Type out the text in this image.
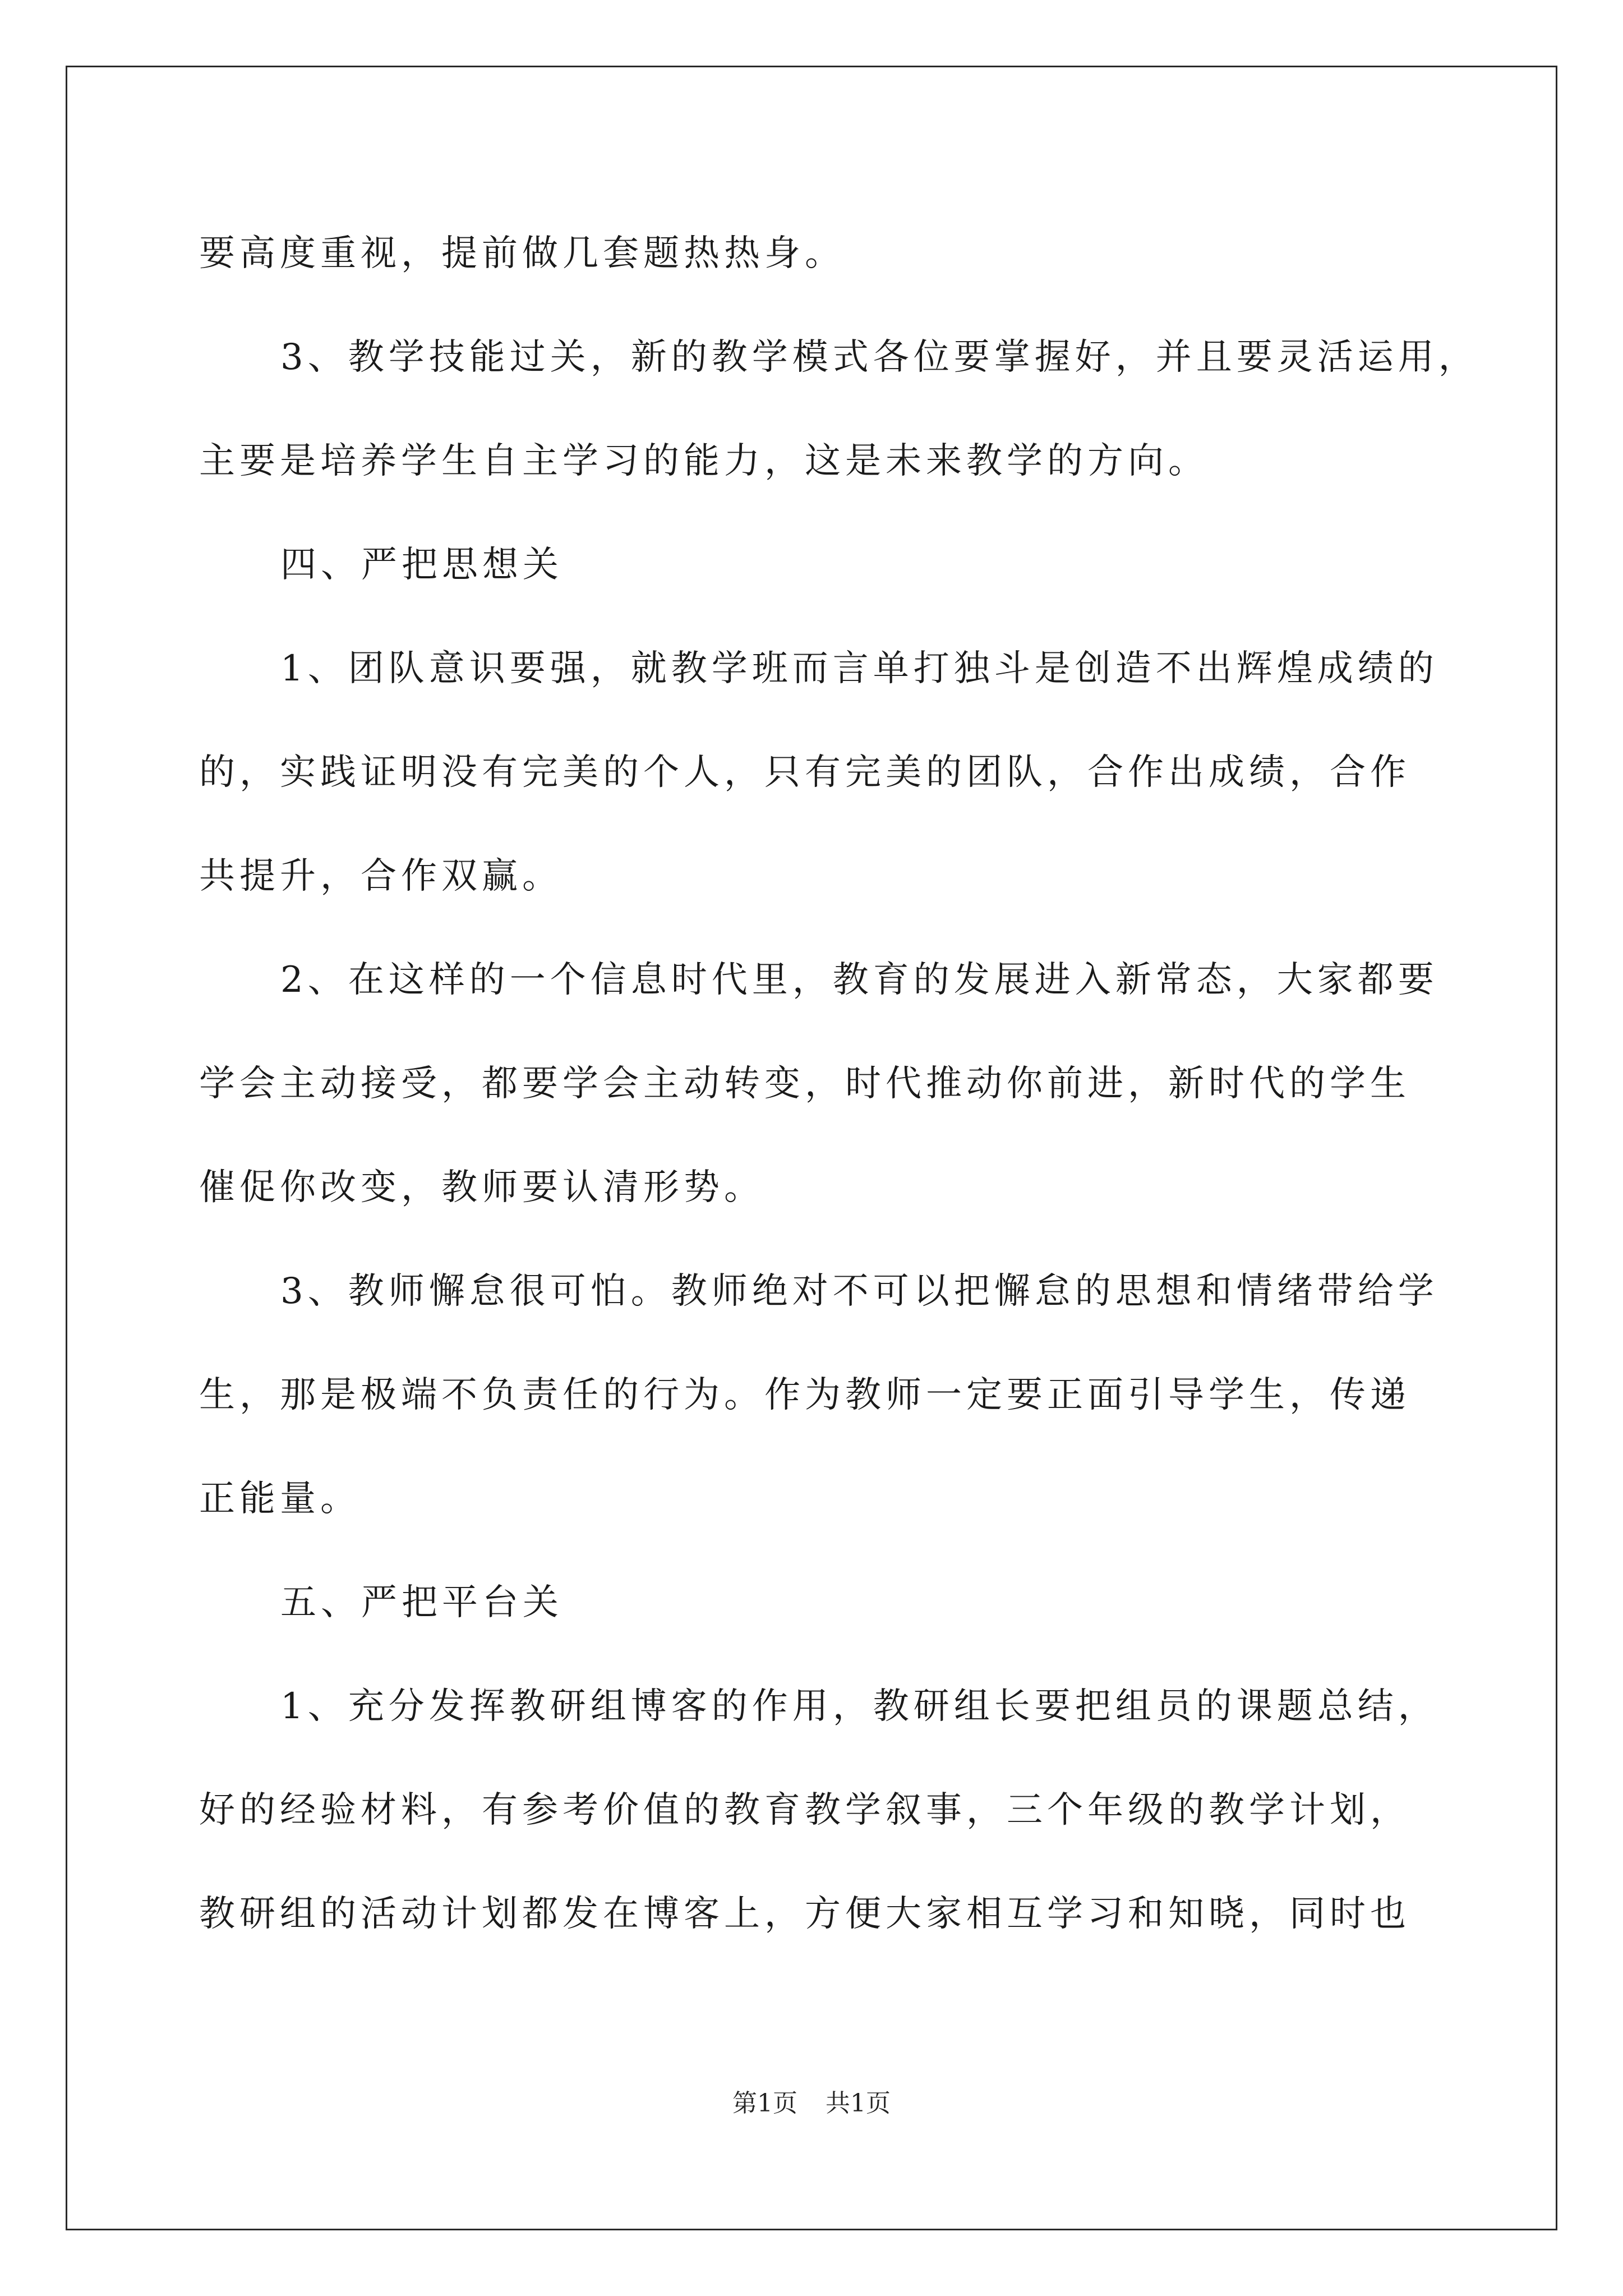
要高度重视，提前做几套题热热身。
3、教学技能过关，新的教学模式各位要掌握好，并且要灵活运用，
主要是培养学生自主学习的能力，这是未来教学的方向。
四、严把思想关
1、团队意识要强，就教学班而言单打独斗是创造不出辉煌成绩的
的，实践证明没有完美的个人，只有完美的团队，合作出成绩，合作
共提升，合作双赢。
2、在这样的一个信息时代里，教育的发展进入新常态，大家都要
学会主动接受，都要学会主动转变，时代推动你前进，新时代的学生
催促你改变，教师要认清形势。
3、教师懈怠很可怕。教师绝对不可以把懈怠的思想和情绪带给学
生，那是极端不负责任的行为。作为教师一定要正面引导学生，传递
正能量。
五、严把平台关
1、充分发挥教研组博客的作用，教研组长要把组员的课题总结，
好的经验材料，有参考价值的教育教学叙事，三个年级的教学计划，
教研组的活动计划都发在博客上，方便大家相互学习和知晓，同时也
第1页 共1页
